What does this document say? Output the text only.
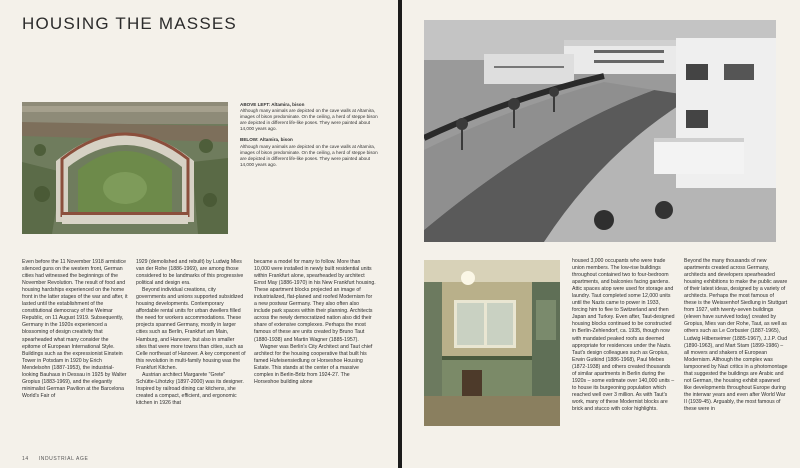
HOUSING THE MASSES
ABOVE LEFT: Altamira, bison
Although many animals are depicted on the cave walls at Altamira, images of bison predominate. On the ceiling, a herd of steppe bison are depicted in different life-like poses. They were painted about 14,000 years ago.
BELOW: Altamira, bison
Although many animals are depicted on the cave walls at Altamira, images of bison predominate. On the ceiling, a herd of steppe bison are depicted in different life-like poses. They were painted about 14,000 years ago.

Even before the 11 November 1918 armistice silenced guns on the western front, German cities had witnessed the beginnings of the November Revolution. The result of food and housing hardships experienced on the home front in the latter stages of the war and after, it lasted until the establishment of the constitutional democracy of the Weimar Republic, on 11 August 1919. Subsequently, Germany in the 1920s experienced a blossoming of design creativity that spearheaded what many consider the epitome of European International Style. Buildings such as the expressionist Einstein Tower in Potsdam in 1920 by Erich Mendelsohn (1887-1953), the industrial-looking Bauhaus in Dessau in 1925 by Walter Gropius (1883-1969), and the elegantly minimalist German Pavilion at the Barcelona World's Fair of

1929 (demolished and rebuilt) by Ludwig Mies van der Rohe (1886-1969), are among those considered to be landmarks of this progressive political and design era.

Beyond individual creations, city governments and unions supported subsidized housing developments. Contemporary affordable rental units for urban dwellers filled the need for workers accommodations. These projects spanned Germany, mostly in larger cities such as Berlin, Frankfurt am Main, Hamburg, and Hanover, but also in smaller sites that were more towns than cities, such as Celle northeast of Hanover. A key component of this revolution in multi-family housing was the Frankfurt Kitchen.

Austrian architect Margarete "Grete" Schütte-Lihotzky (1897-2000) was its designer. Inspired by railroad dining car kitchens, she created a compact, efficient, and ergonomic kitchen in 1926 that

became a model for many to follow. More than 10,000 were installed in newly built residential units within Frankfurt alone, spearheaded by architect Ernst May (1886-1970) in his New Frankfurt housing. These apartment blocks projected an image of industrialized, flat-planed and roofed Modernism for a new postwar Germany. They also often also include park spaces within their planning. Architects across the newly democratized nation also did their share of extensive complexes. Perhaps the most famous of these are units created by Bruno Taut (1880-1938) and Martin Wagner (1885-1957).

Wagner was Berlin's City Architect and Taut chief architect for the housing cooperative that built his famed Hufeisensiedlung or Horseshoe Housing Estate. This stands at the center of a massive complex in Berlin-Britz from 1924-27. The Horseshoe building alone

14 INDUSTRIAL AGE

housed 3,000 occupants who were trade union members. The low-rise buildings throughout contained two to four-bedroom apartments, and balconies facing gardens. Attic spaces atop were used for storage and laundry. Taut completed some 12,000 units until the Nazis came to power in 1933, forcing him to flee to Switzerland and then Japan and Turkey. Even after, Taut-designed housing blocks continued to be constructed in Berlin-Zehlendorf, ca. 1935, though now with mandated peaked roofs as deemed appropriate for residences under the Nazis. Taut's design colleagues such as Gropius, Erwin Gutkind (1886-1968), Paul Mebes (1872-1938) and others created thousands of similar apartments in Berlin during the 1920s – some estimate over 140,000 units – to house its burgeoning population which reached well over 3 million. As with Taut's work, many of these Modernist blocks are brick and stucco with color highlights.

Beyond the many thousands of new apartments created across Germany, architects and developers spearheaded housing exhibitions to make the public aware of their latest ideas, designed by a variety of architects. Perhaps the most famous of these is the Weissenhof Siedlung in Stuttgart from 1927, with twenty-seven buildings (eleven have survived today) created by Gropius, Mies van der Rohe, Taut, as well as others such as Le Corbusier (1887-1965), Ludwig Hilberseimer (1885-1967), J.J.P. Oud (1890-1963), and Mart Stam (1899-1986) – all movers and shakers of European Modernism. Although the complex was lampooned by Nazi critics in a photomontage that suggested the buildings are Arabic and not German, the housing exhibit spawned like developments throughout Europe during the interwar years and even after World War II (1939-45). Arguably, the most famous of these were in
